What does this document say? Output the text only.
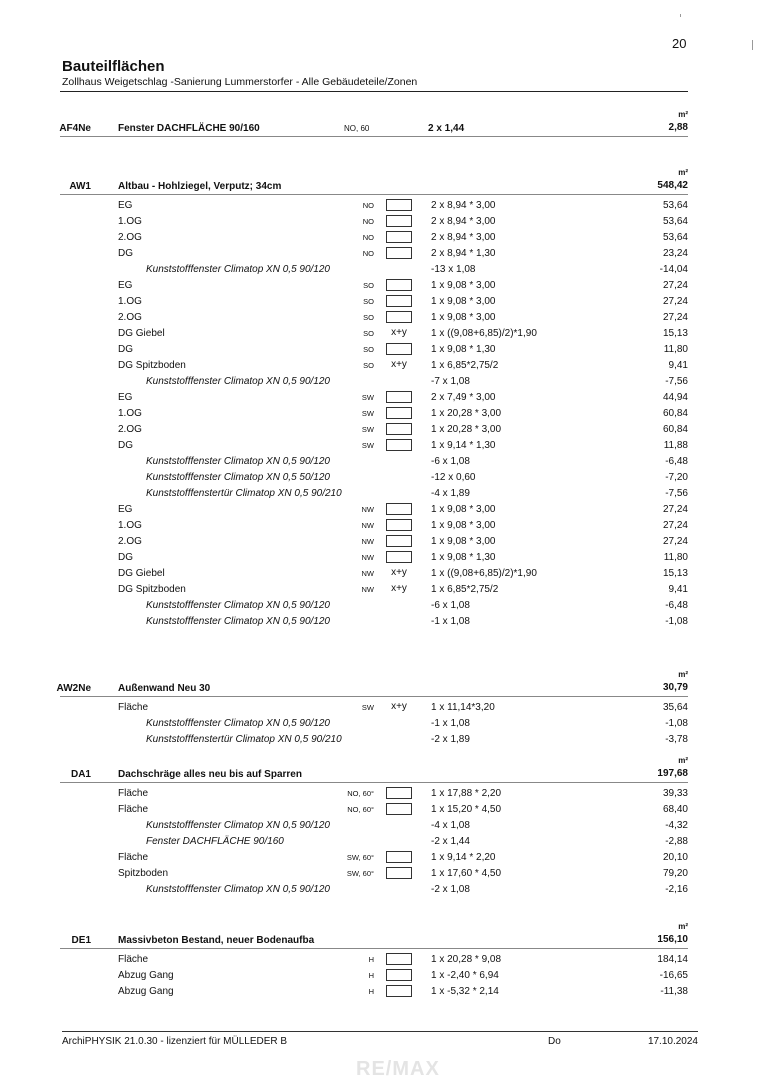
20
Bauteilflächen
Zollhaus Weigetschlag -Sanierung Lummerstorfer - Alle Gebäudeteile/Zonen
m²
AF4Ne	Fenster DACHFLÄCHE 90/160	NO, 60	2 x 1,44	2,88
m²
AW1	Altbau - Hohlziegel, Verputz; 34cm	548,42
EG	NO	2 x 8,94 * 3,00	53,64
1.OG	NO	2 x 8,94 * 3,00	53,64
2.OG	NO	2 x 8,94 * 3,00	53,64
DG	NO	2 x 8,94 * 1,30	23,24
Kunststofffenster Climatop XN 0,5 90/120	-13 x 1,08	-14,04
EG	SO	1 x 9,08 * 3,00	27,24
1.OG	SO	1 x 9,08 * 3,00	27,24
2.OG	SO	1 x 9,08 * 3,00	27,24
DG Giebel	SO	x+y	1 x ((9,08+6,85)/2)*1,90	15,13
DG	SO	1 x 9,08 * 1,30	11,80
DG Spitzboden	SO	x+y	1 x 6,85*2,75/2	9,41
Kunststofffenster Climatop XN 0,5 90/120	-7 x 1,08	-7,56
EG	SW	2 x 7,49 * 3,00	44,94
1.OG	SW	1 x 20,28 * 3,00	60,84
2.OG	SW	1 x 20,28 * 3,00	60,84
DG	SW	1 x 9,14 * 1,30	11,88
Kunststofffenster Climatop XN 0,5 90/120	-6 x 1,08	-6,48
Kunststofffenster Climatop XN 0,5 50/120	-12 x 0,60	-7,20
Kunststofffenstertür Climatop XN 0,5 90/210	-4 x 1,89	-7,56
EG	NW	1 x 9,08 * 3,00	27,24
1.OG	NW	1 x 9,08 * 3,00	27,24
2.OG	NW	1 x 9,08 * 3,00	27,24
DG	NW	1 x 9,08 * 1,30	11,80
DG Giebel	NW	x+y	1 x ((9,08+6,85)/2)*1,90	15,13
DG Spitzboden	NW	x+y	1 x 6,85*2,75/2	9,41
Kunststofffenster Climatop XN 0,5 90/120	-6 x 1,08	-6,48
Kunststofffenster Climatop XN 0,5 90/120	-1 x 1,08	-1,08
m²
AW2Ne	Außenwand Neu 30	30,79
Fläche	SW	x+y	1 x 11,14*3,20	35,64
Kunststofffenster Climatop XN 0,5 90/120	-1 x 1,08	-1,08
Kunststofffenstertür Climatop XN 0,5 90/210	-2 x 1,89	-3,78
m²
DA1	Dachschräge alles neu bis auf Sparren	197,68
Fläche	NO, 60°	1 x 17,88 * 2,20	39,33
Fläche	NO, 60°	1 x 15,20 * 4,50	68,40
Kunststofffenster Climatop XN 0,5 90/120	-4 x 1,08	-4,32
Fenster DACHFLÄCHE 90/160	-2 x 1,44	-2,88
Fläche	SW, 60°	1 x 9,14 * 2,20	20,10
Spitzboden	SW, 60°	1 x 17,60 * 4,50	79,20
Kunststofffenster Climatop XN 0,5 90/120	-2 x 1,08	-2,16
m²
DE1	Massivbeton Bestand, neuer Bodenaufba	156,10
Fläche	H	1 x 20,28 * 9,08	184,14
Abzug Gang	H	1 x -2,40 * 6,94	-16,65
Abzug Gang	H	1 x -5,32 * 2,14	-11,38
ArchiPHYSIK 21.0.30 - lizenziert für MÜLLEDER B	Do	17.10.2024
RE/MAX
